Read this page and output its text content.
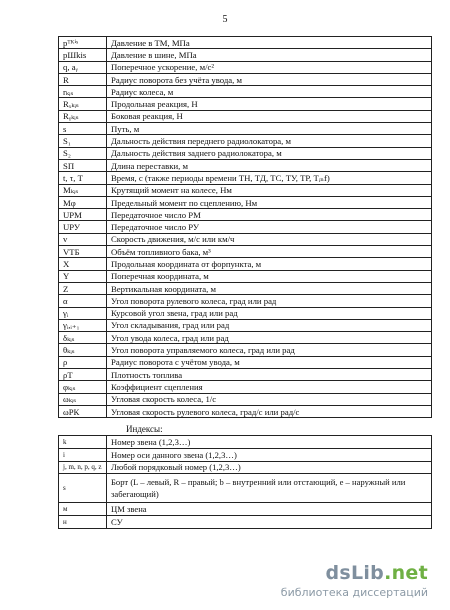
5
pᵀᴷⁱˢ	Давление в ТМ, МПа
pШkis	Давление в шине, МПа
q, aᵧ	Поперечное ускорение, м/с²
R	Радиус поворота без учёта увода, м
rₖᵢₛ	Радиус колеса, м
Rₓₖᵢₛ	Продольная реакция, Н
Rᵧₖᵢₛ	Боковая реакция, Н
s	Путь, м
S₁	Дальность действия переднего радиолокатора, м
S₂	Дальность действия заднего радиолокатора, м
SП	Длина переставки, м
t, τ, T	Время, с (также периоды времени TН, TД, TС, TУ, TР, Tᵢₙf)
Mₖᵢₛ	Крутящий момент на колесе, Нм
Mφ	Предельный момент по сцеплению, Нм
UРМ	Передаточное число РМ
UРУ	Передаточное число РУ
v	Скорость движения, м/с или км/ч
VТБ	Объём топливного бака, м³
X	Продольная координата от форпункта, м
Y	Поперечная координата, м
Z	Вертикальная координата, м
α	Угол поворота рулевого колеса, град или рад
γᵢ	Курсовой угол звена, град или рад
γᵢ,ᵢ₊₁	Угол складывания, град или рад
δₖᵢₛ	Угол увода колеса, град или рад
θₖᵢₛ	Угол поворота управляемого колеса, град или рад
ρ	Радиус поворота с учётом увода, м
ρТ	Плотность топлива
φₖᵢₛ	Коэффициент сцепления
ωₖᵢₛ	Угловая скорость колеса, 1/с
ωРК	Угловая скорость рулевого колеса, град/с или рад/с
Индексы:
k	Номер звена (1,2,3…)
i	Номер оси данного звена (1,2,3…)
j, m, n, p, q, z	Любой порядковый номер (1,2,3…)
s	Борт (L – левый, R – правый; b – внутренний или отстающий, e – наружный или забегающий)
м	ЦМ звена
н	СУ
dsLib.net
библиотека диссертаций
